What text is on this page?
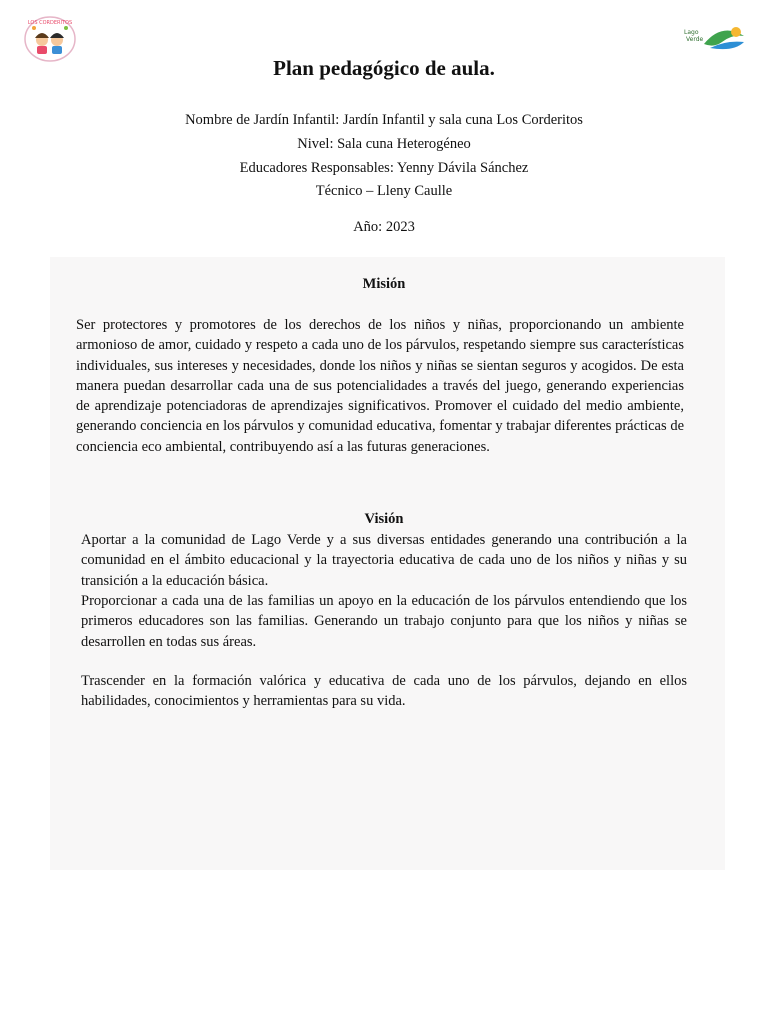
LOS CORDERITOS
Lago
Verde
Plan pedagógico de aula.
Nombre de Jardín Infantil: Jardín Infantil y sala cuna Los Corderitos
Nivel: Sala cuna Heterogéneo
Educadores Responsables: Yenny Dávila Sánchez
Técnico – Lleny Caulle
Año: 2023
Misión

Ser protectores y promotores de los derechos de los niños y niñas, proporcionando un ambiente armonioso de amor, cuidado y respeto a cada uno de los párvulos, respetando siempre sus características individuales, sus intereses y necesidades, donde los niños y niñas se sientan seguros y acogidos. De esta manera puedan desarrollar cada una de sus potencialidades a través del juego, generando experiencias de aprendizaje potenciadoras de aprendizajes significativos. Promover el cuidado del medio ambiente, generando conciencia en los párvulos y comunidad educativa, fomentar y trabajar diferentes prácticas de conciencia eco ambiental, contribuyendo así a las futuras generaciones.

Visión

Aportar a la comunidad de Lago Verde y a sus diversas entidades generando una contribución a la comunidad en el ámbito educacional y la trayectoria educativa de cada uno de los niños y niñas y su transición a la educación básica.

Proporcionar a cada una de las familias un apoyo en la educación de los párvulos entendiendo que los primeros educadores son las familias. Generando un trabajo conjunto para que los niños y niñas se desarrollen en todas sus áreas.

Trascender en la formación valórica y educativa de cada uno de los párvulos, dejando en ellos habilidades, conocimientos y herramientas para su vida.
